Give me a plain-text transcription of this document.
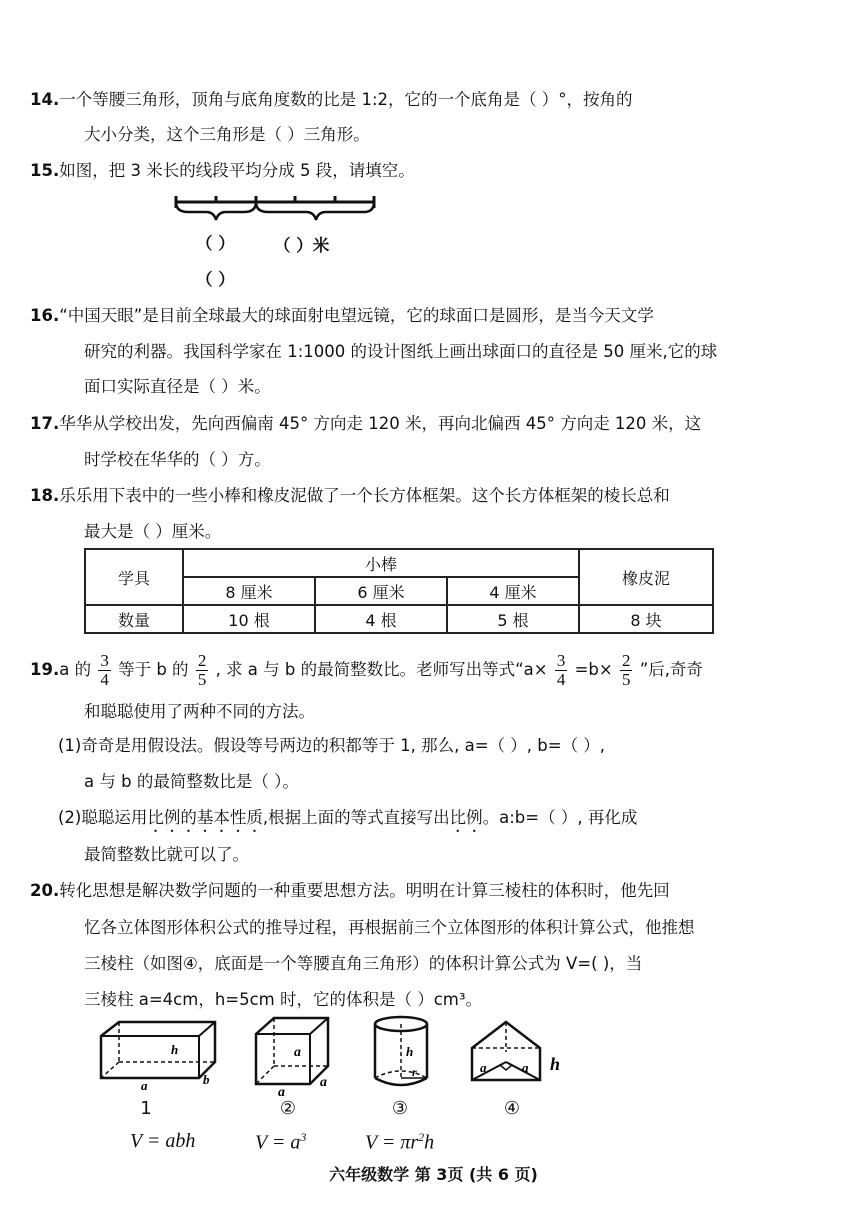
14.一个等腰三角形，顶角与底角度数的比是 1:2，它的一个底角是（ ）°，按角的
大小分类，这个三角形是（ ）三角形。
15.如图，把 3 米长的线段平均分成 5 段，请填空。
（ ） （ ）米
（ ）
16.“中国天眼”是目前全球最大的球面射电望远镜，它的球面口是圆形，是当今天文学
研究的利器。我国科学家在 1:1000 的设计图纸上画出球面口的直径是 50 厘米,它的球
面口实际直径是（ ）米。
17.华华从学校出发，先向西偏南 45° 方向走 120 米，再向北偏西 45° 方向走 120 米，这
时学校在华华的（ ）方。
18.乐乐用下表中的一些小棒和橡皮泥做了一个长方体框架。这个长方体框架的棱长总和
最大是（ ）厘米。
学具	小棒			橡皮泥
	8 厘米	6 厘米	4 厘米	
数量	10 根	4 根	5 根	8 块
19.a 的 $\frac{3}{4}$ 等于 b 的 $\frac{2}{5}$ , 求 a 与 b 的最简整数比。老师写出等式“$a\times \frac{3}{4} =b\times \frac{2}{5}$ ”后,奇奇
和聪聪使用了两种不同的方法。
(1)奇奇是用假设法。假设等号两边的积都等于 1, 那么, a=（ ）, b=（ ）,
a 与 b 的最简整数比是（ ）。
(2)聪聪运用比例的基本性质,根据上面的等式直接写出比例。a:b=（ ）, 再化成
最简整数比就可以了。
20.转化思想是解决数学问题的一种重要思想方法。明明在计算三棱柱的体积时，他先回
忆各立体图形体积公式的推导过程，再根据前三个立体图形的体积计算公式，他推想
三棱柱（如图④，底面是一个等腰直角三角形）的体积计算公式为 V=( )，当
三棱柱 a=4cm，h=5cm 时，它的体积是（ ）cm³。
h
a	b
a
a
a
h
r	a	a h
1	②	③	④
V = abh	$V = a^3$	$V = \pi r^2h$
六年级数学 第 3页 (共 6 页)
